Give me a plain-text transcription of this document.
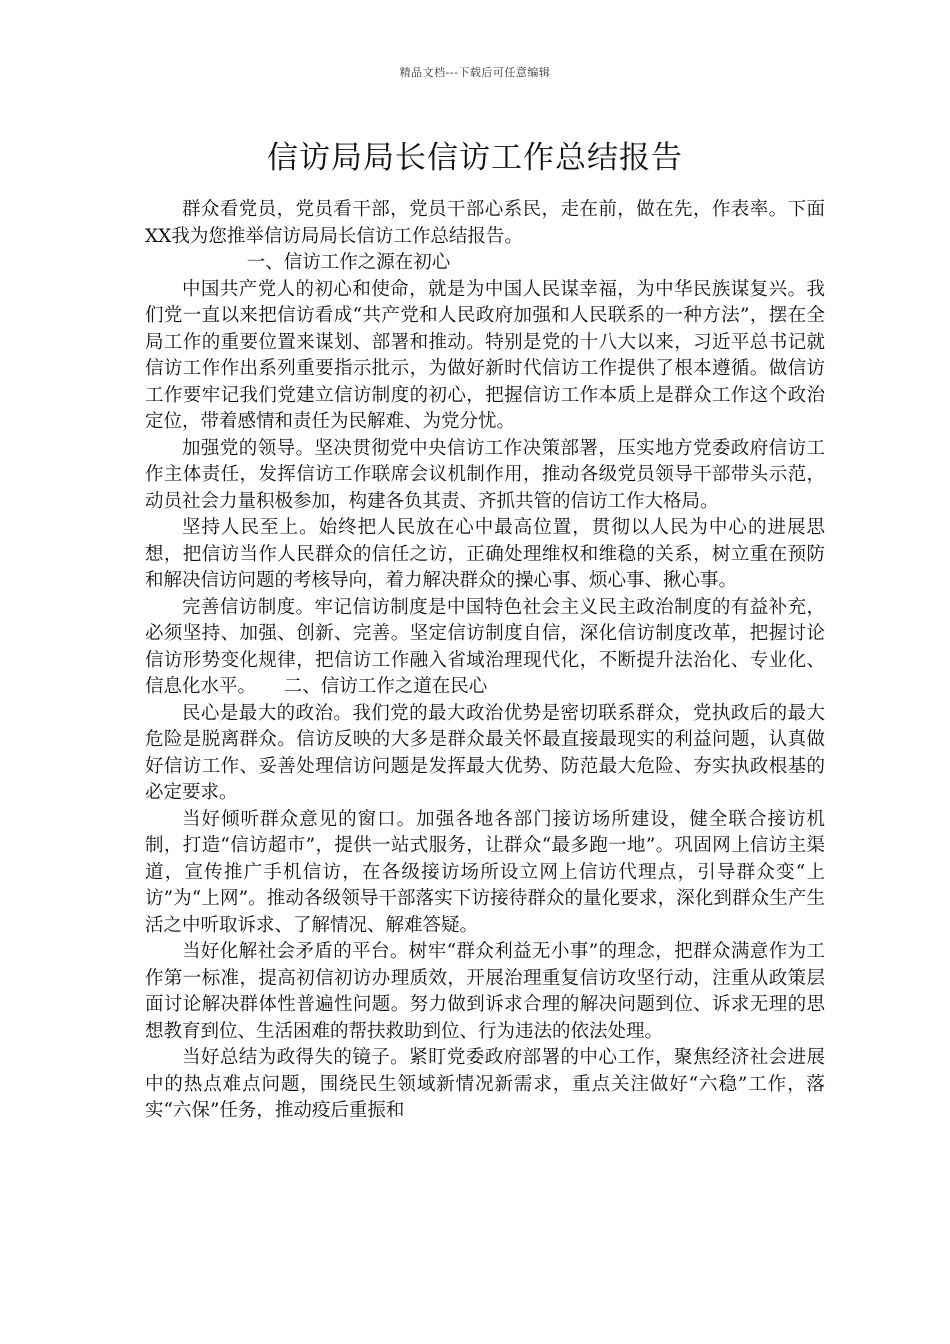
精品文档---下载后可任意编辑
信访局局长信访工作总结报告

群众看党员，党员看干部，党员干部心系民，走在前，做在先，作表率。下面XX我为您推举信访局局长信访工作总结报告。

一、信访工作之源在初心

中国共产党人的初心和使命，就是为中国人民谋幸福，为中华民族谋复兴。我们党一直以来把信访看成“共产党和人民政府加强和人民联系的一种方法”，摆在全局工作的重要位置来谋划、部署和推动。特别是党的十八大以来，习近平总书记就信访工作作出系列重要指示批示，为做好新时代信访工作提供了根本遵循。做信访工作要牢记我们党建立信访制度的初心，把握信访工作本质上是群众工作这个政治定位，带着感情和责任为民解难、为党分忧。

加强党的领导。坚决贯彻党中央信访工作决策部署，压实地方党委政府信访工作主体责任，发挥信访工作联席会议机制作用，推动各级党员领导干部带头示范，动员社会力量积极参加，构建各负其责、齐抓共管的信访工作大格局。

坚持人民至上。始终把人民放在心中最高位置，贯彻以人民为中心的进展思想，把信访当作人民群众的信任之访，正确处理维权和维稳的关系，树立重在预防和解决信访问题的考核导向，着力解决群众的操心事、烦心事、揪心事。

完善信访制度。牢记信访制度是中国特色社会主义民主政治制度的有益补充，必须坚持、加强、创新、完善。坚定信访制度自信，深化信访制度改革，把握讨论信访形势变化规律，把信访工作融入省域治理现代化，不断提升法治化、专业化、信息化水平。　　二、信访工作之道在民心

民心是最大的政治。我们党的最大政治优势是密切联系群众，党执政后的最大危险是脱离群众。信访反映的大多是群众最关怀最直接最现实的利益问题，认真做好信访工作、妥善处理信访问题是发挥最大优势、防范最大危险、夯实执政根基的必定要求。

当好倾听群众意见的窗口。加强各地各部门接访场所建设，健全联合接访机制，打造“信访超市”，提供一站式服务，让群众“最多跑一地”。巩固网上信访主渠道，宣传推广手机信访，在各级接访场所设立网上信访代理点，引导群众变“上访”为“上网”。推动各级领导干部落实下访接待群众的量化要求，深化到群众生产生活之中听取诉求、了解情况、解难答疑。

当好化解社会矛盾的平台。树牢“群众利益无小事”的理念，把群众满意作为工作第一标准，提高初信初访办理质效，开展治理重复信访攻坚行动，注重从政策层面讨论解决群体性普遍性问题。努力做到诉求合理的解决问题到位、诉求无理的思想教育到位、生活困难的帮扶救助到位、行为违法的依法处理。

当好总结为政得失的镜子。紧盯党委政府部署的中心工作，聚焦经济社会进展中的热点难点问题，围绕民生领域新情况新需求，重点关注做好“六稳”工作，落实“六保”任务，推动疫后重振和
